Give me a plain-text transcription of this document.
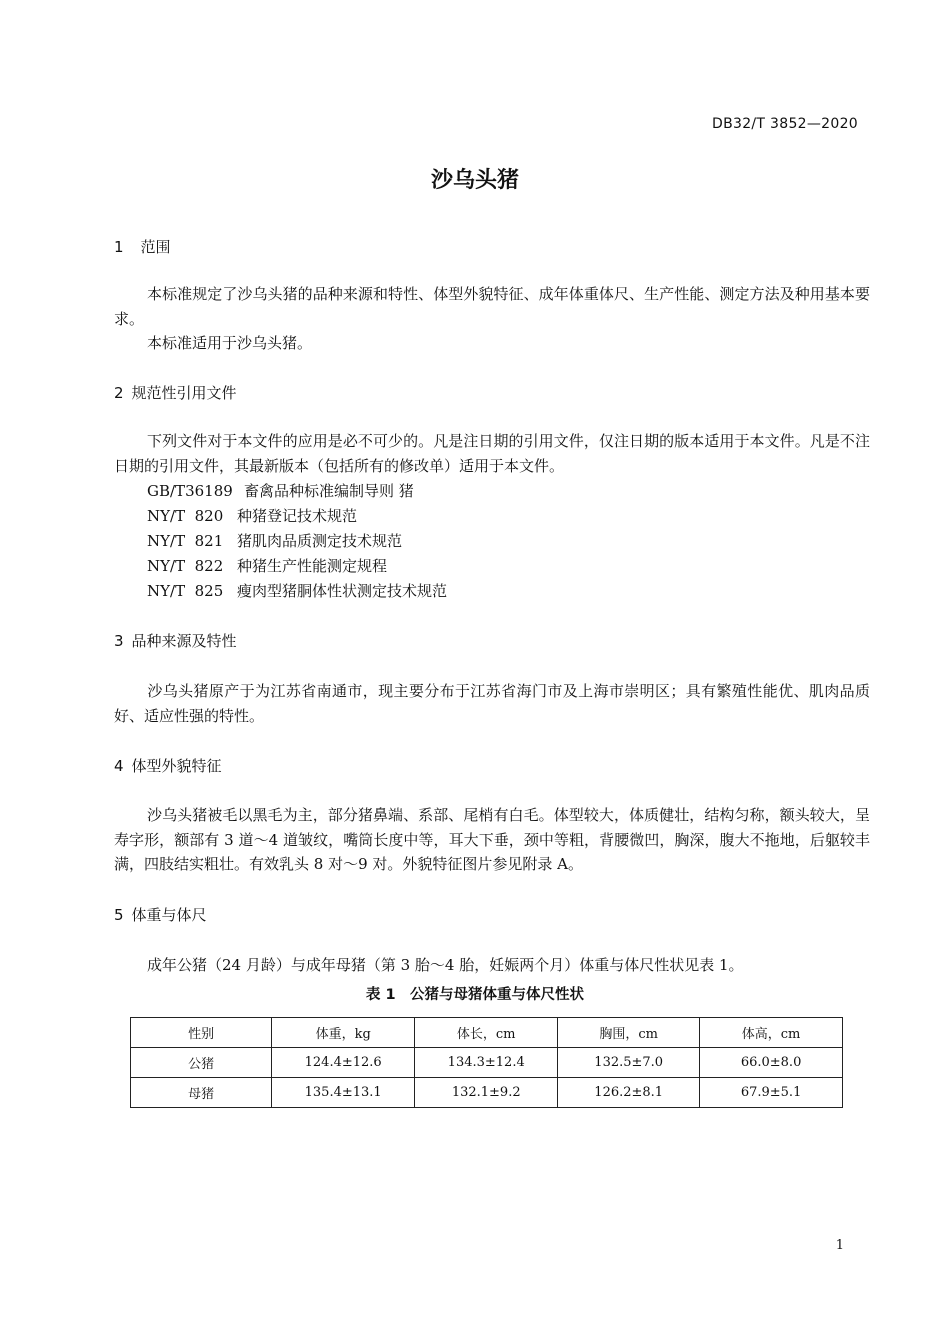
DB32/T 3852—2020
沙乌头猪
1 范围
本标准规定了沙乌头猪的品种来源和特性、体型外貌特征、成年体重体尺、生产性能、测定方法及种用基本要求。
本标准适用于沙乌头猪。
2 规范性引用文件
下列文件对于本文件的应用是必不可少的。凡是注日期的引用文件，仅注日期的版本适用于本文件。凡是不注日期的引用文件，其最新版本（包括所有的修改单）适用于本文件。
GB/T36189 畜禽品种标准编制导则 猪
NY/T  820 种猪登记技术规范
NY/T  821 猪肌肉品质测定技术规范
NY/T  822 种猪生产性能测定规程
NY/T  825 瘦肉型猪胴体性状测定技术规范
3 品种来源及特性
沙乌头猪原产于为江苏省南通市，现主要分布于江苏省海门市及上海市崇明区；具有繁殖性能优、肌肉品质好、适应性强的特性。
4 体型外貌特征
沙乌头猪被毛以黑毛为主，部分猪鼻端、系部、尾梢有白毛。体型较大，体质健壮，结构匀称，额头较大，呈寿字形，额部有 3 道～4 道皱纹，嘴筒长度中等，耳大下垂，颈中等粗，背腰微凹，胸深，腹大不拖地，后躯较丰满，四肢结实粗壮。有效乳头 8 对～9 对。外貌特征图片参见附录 A。
5 体重与体尺
成年公猪（24 月龄）与成年母猪（第 3 胎～4 胎，妊娠两个月）体重与体尺性状见表 1。
表 1　公猪与母猪体重与体尺性状
性别	体重，kg	体长，cm	胸围，cm	体高，cm
公猪	124.4±12.6	134.3±12.4	132.5±7.0	66.0±8.0
母猪	135.4±13.1	132.1±9.2	126.2±8.1	67.9±5.1
1
